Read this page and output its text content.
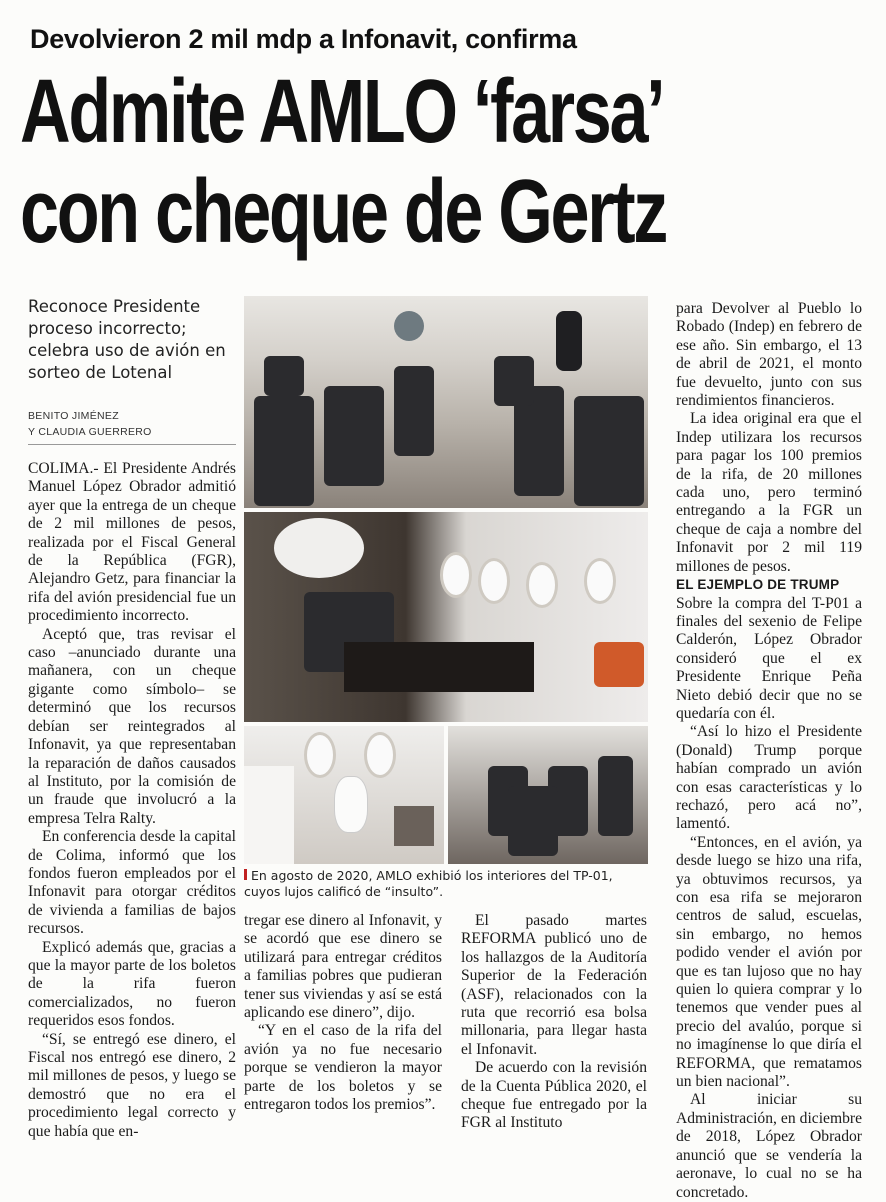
Devolvieron 2 mil mdp a Infonavit, confirma
Admite AMLO ‘farsa’
con cheque de Gertz
Reconoce Presidente proceso incorrecto; celebra uso de avión en sorteo de Lotenal
BENITO JIMÉNEZ
Y CLAUDIA GUERRERO

COLIMA.- El Presidente Andrés Manuel López Obrador admitió ayer que la entrega de un cheque de 2 mil millones de pesos, realizada por el Fiscal General de la República (FGR), Alejandro Getz, para financiar la rifa del avión presidencial fue un procedimiento incorrecto.

Aceptó que, tras revisar el caso –anunciado durante una mañanera, con un cheque gigante como símbolo– se determinó que los recursos debían ser reintegrados al Infonavit, ya que representaban la reparación de daños causados al Instituto, por la comisión de un fraude que involucró a la empresa Telra Ralty.

En conferencia desde la capital de Colima, informó que los fondos fueron empleados por el Infonavit para otorgar créditos de vivienda a familias de bajos recursos.

Explicó además que, gracias a que la mayor parte de los boletos de la rifa fueron comercializados, no fueron requeridos esos fondos.

“Sí, se entregó ese dinero, el Fiscal nos entregó ese dinero, 2 mil millones de pesos, y luego se demostró que no era el procedimiento legal correcto y que había que en-

En agosto de 2020, AMLO exhibió los interiores del TP-01, cuyos lujos calificó de “insulto”.

tregar ese dinero al Infonavit, y se acordó que ese dinero se utilizará para entregar créditos a familias pobres que pudieran tener sus viviendas y así se está aplicando ese dinero”, dijo.

“Y en el caso de la rifa del avión ya no fue necesario porque se vendieron la mayor parte de los boletos y se entregaron todos los premios”.

El pasado martes REFORMA publicó uno de los hallazgos de la Auditoría Superior de la Federación (ASF), relacionados con la ruta que recorrió esa bolsa millonaria, para llegar hasta el Infonavit.

De acuerdo con la revisión de la Cuenta Pública 2020, el cheque fue entregado por la FGR al Instituto

para Devolver al Pueblo lo Robado (Indep) en febrero de ese año. Sin embargo, el 13 de abril de 2021, el monto fue devuelto, junto con sus rendimientos financieros.

La idea original era que el Indep utilizara los recursos para pagar los 100 premios de la rifa, de 20 millones cada uno, pero terminó entregando a la FGR un cheque de caja a nombre del Infonavit por 2 mil 119 millones de pesos.

EL EJEMPLO DE TRUMP

Sobre la compra del T-P01 a finales del sexenio de Felipe Calderón, López Obrador consideró que el ex Presidente Enrique Peña Nieto debió decir que no se quedaría con él.

“Así lo hizo el Presidente (Donald) Trump porque habían comprado un avión con esas características y lo rechazó, pero acá no”, lamentó.

“Entonces, en el avión, ya desde luego se hizo una rifa, ya obtuvimos recursos, ya con esa rifa se mejoraron centros de salud, escuelas, sin embargo, no hemos podido vender el avión por que es tan lujoso que no hay quien lo quiera comprar y lo tenemos que vender pues al precio del avalúo, porque si no imagínense lo que diría el REFORMA, que rematamos un bien nacional”.

Al iniciar su Administración, en diciembre de 2018, López Obrador anunció que se vendería la aeronave, lo cual no se ha concretado.
